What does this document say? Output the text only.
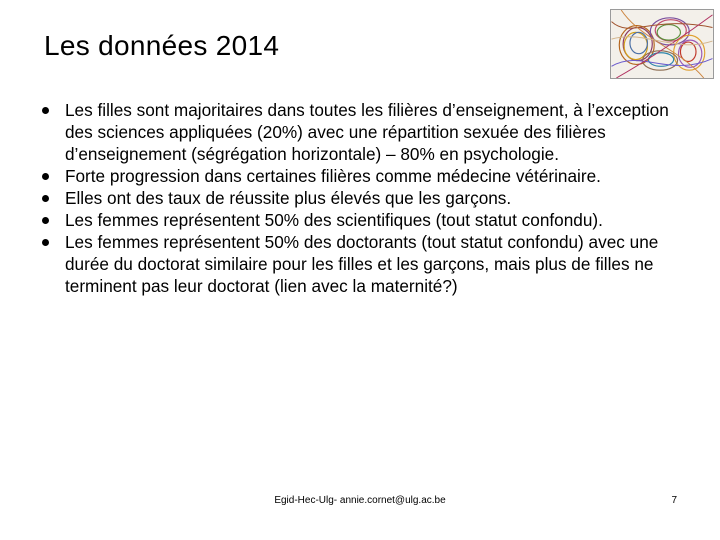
Les données 2014
Les filles sont majoritaires dans toutes les filières d’enseignement, à l’exception des sciences appliquées (20%) avec une répartition sexuée des filières d’enseignement (ségrégation horizontale) – 80% en psychologie.
Forte progression dans certaines filières comme médecine vétérinaire.
Elles ont des taux de réussite plus élevés que les garçons.
Les femmes représentent 50% des scientifiques (tout statut confondu).
Les femmes représentent 50% des doctorants (tout statut confondu) avec une durée du doctorat similaire pour les filles et les garçons, mais plus de filles ne terminent pas leur doctorat (lien avec la maternité?)
Egid-Hec-Ulg- annie.cornet@ulg.ac.be	7
